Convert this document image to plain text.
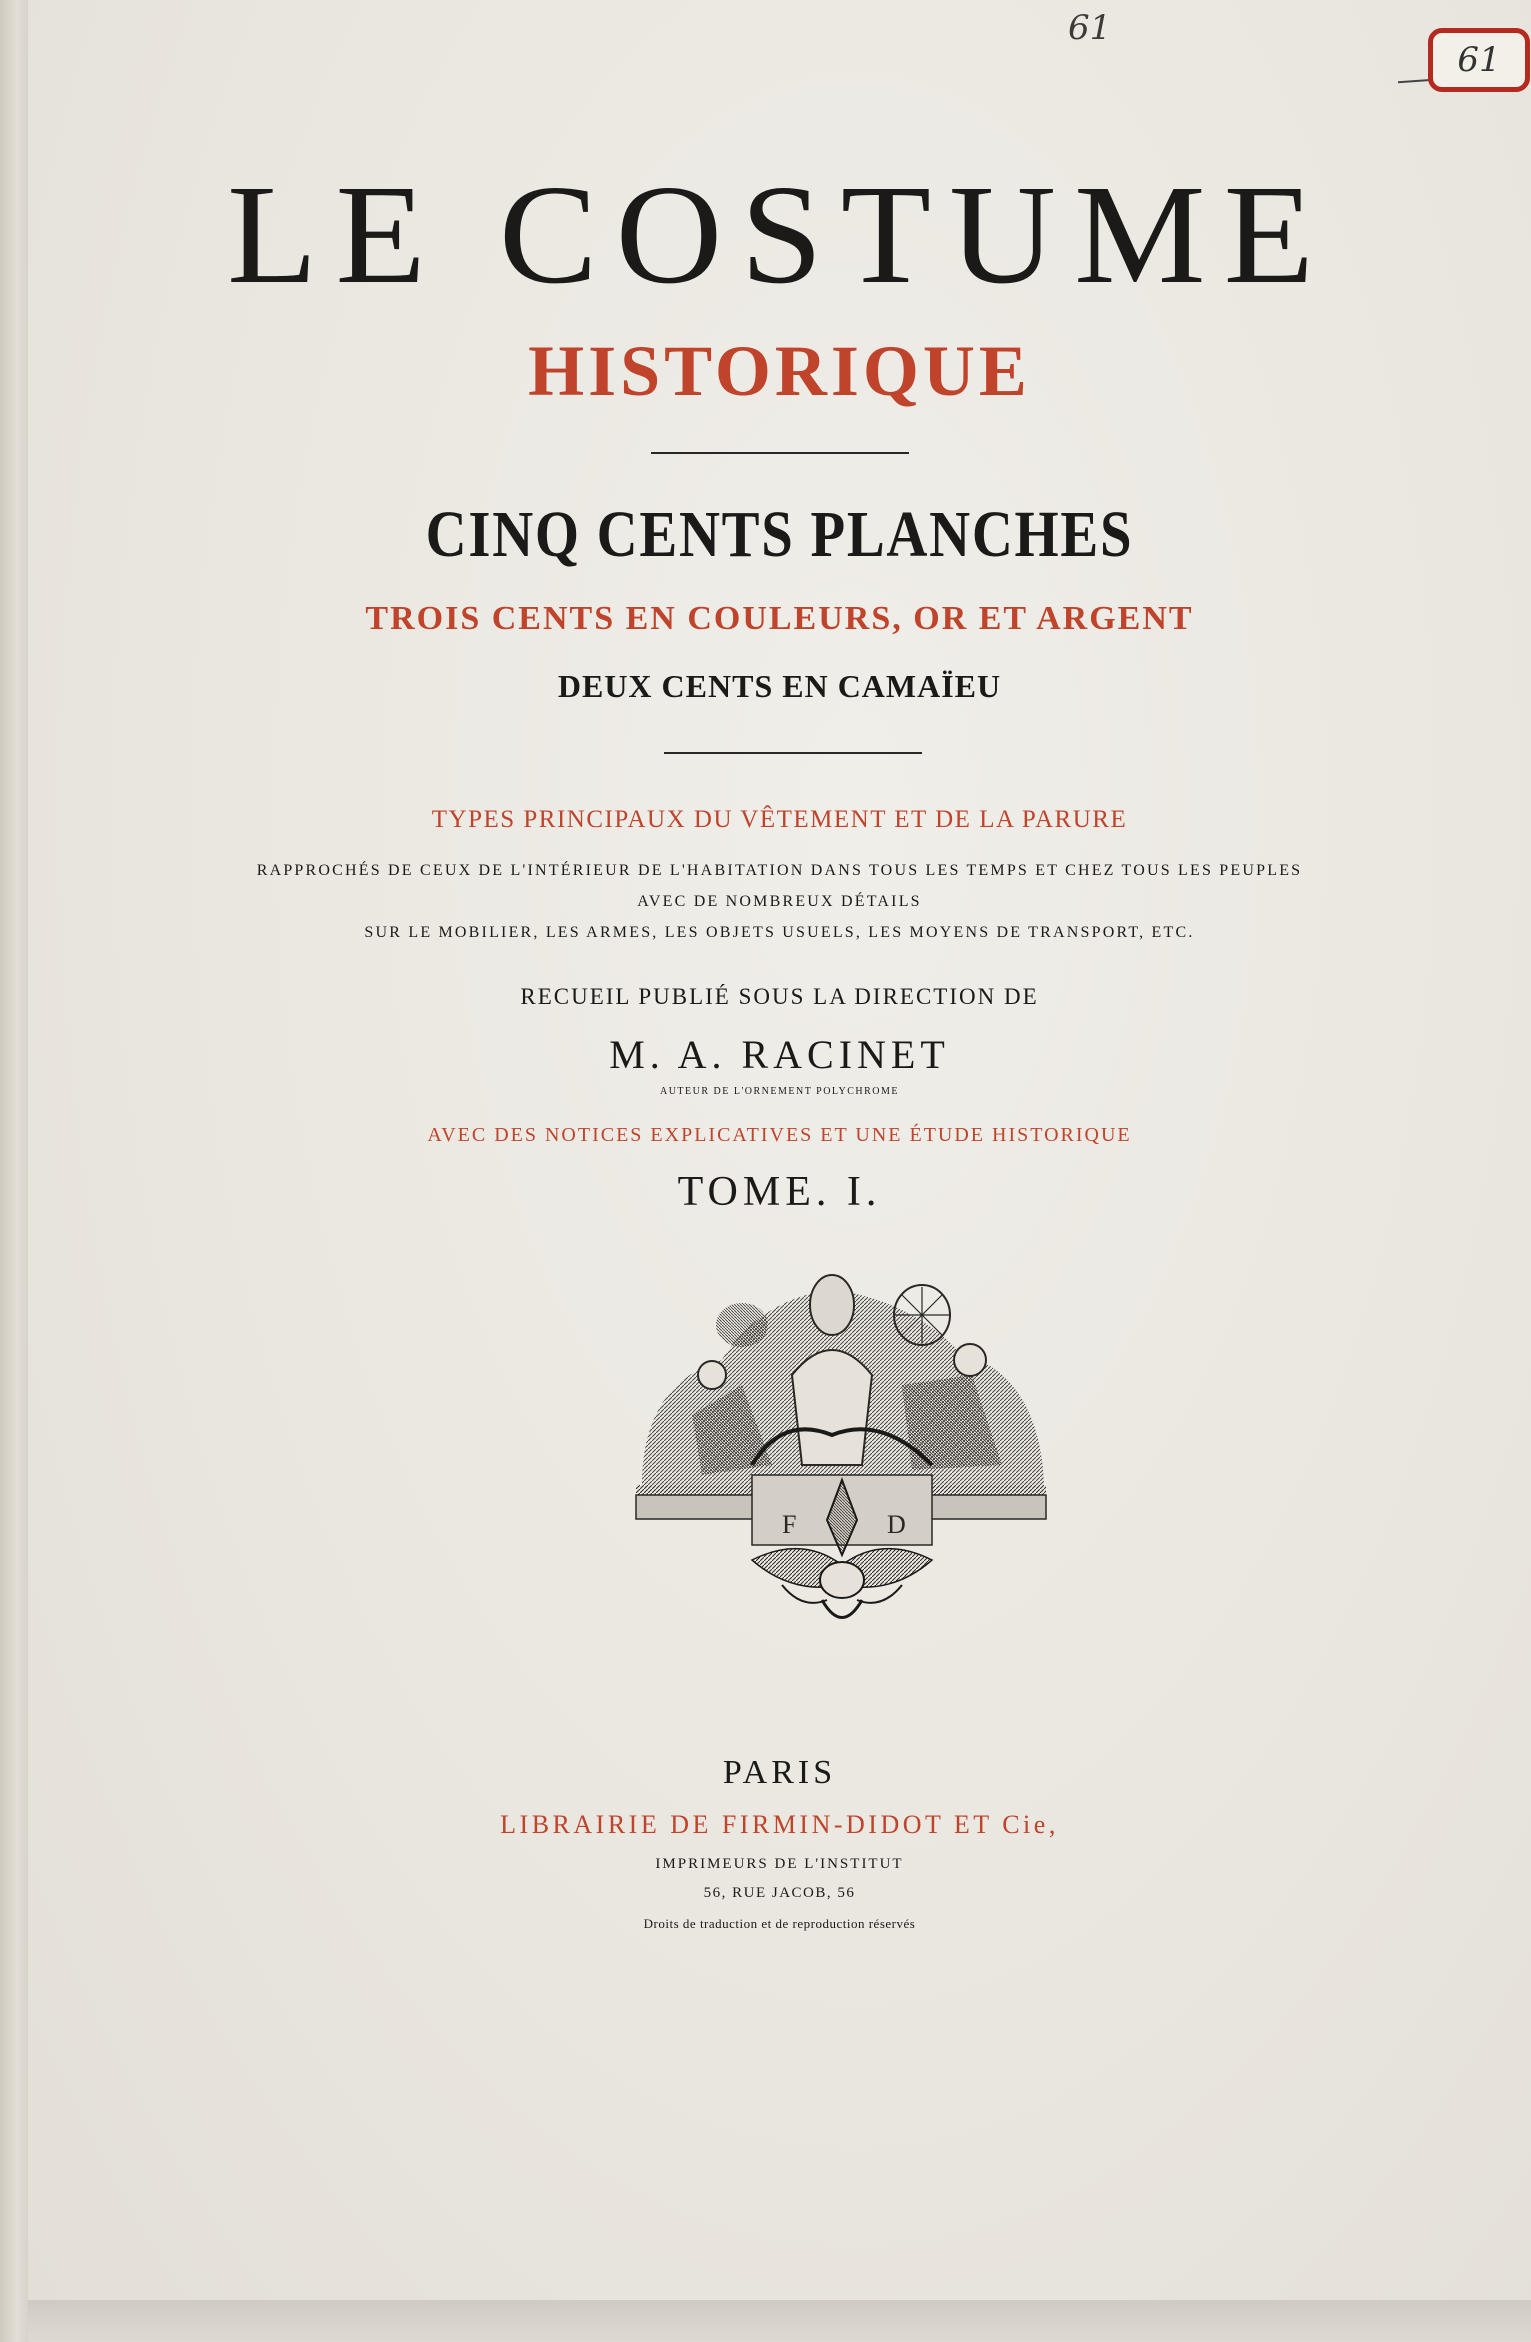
61
61
LE COSTUME
HISTORIQUE
CINQ CENTS PLANCHES
TROIS CENTS EN COULEURS, OR ET ARGENT
DEUX CENTS EN CAMAÏEU
TYPES PRINCIPAUX DU VÊTEMENT ET DE LA PARURE
RAPPROCHÉS DE CEUX DE L'INTÉRIEUR DE L'HABITATION DANS TOUS LES TEMPS ET CHEZ TOUS LES PEUPLES
AVEC DE NOMBREUX DÉTAILS
SUR LE MOBILIER, LES ARMES, LES OBJETS USUELS, LES MOYENS DE TRANSPORT, ETC.
RECUEIL PUBLIÉ SOUS LA DIRECTION DE
M. A. RACINET
AUTEUR DE L'ORNEMENT POLYCHROME
AVEC DES NOTICES EXPLICATIVES ET UNE ÉTUDE HISTORIQUE
TOME. I.
F	D
PARIS
LIBRAIRIE DE FIRMIN-DIDOT ET Cie,
IMPRIMEURS DE L'INSTITUT
56, RUE JACOB, 56
Droits de traduction et de reproduction réservés
